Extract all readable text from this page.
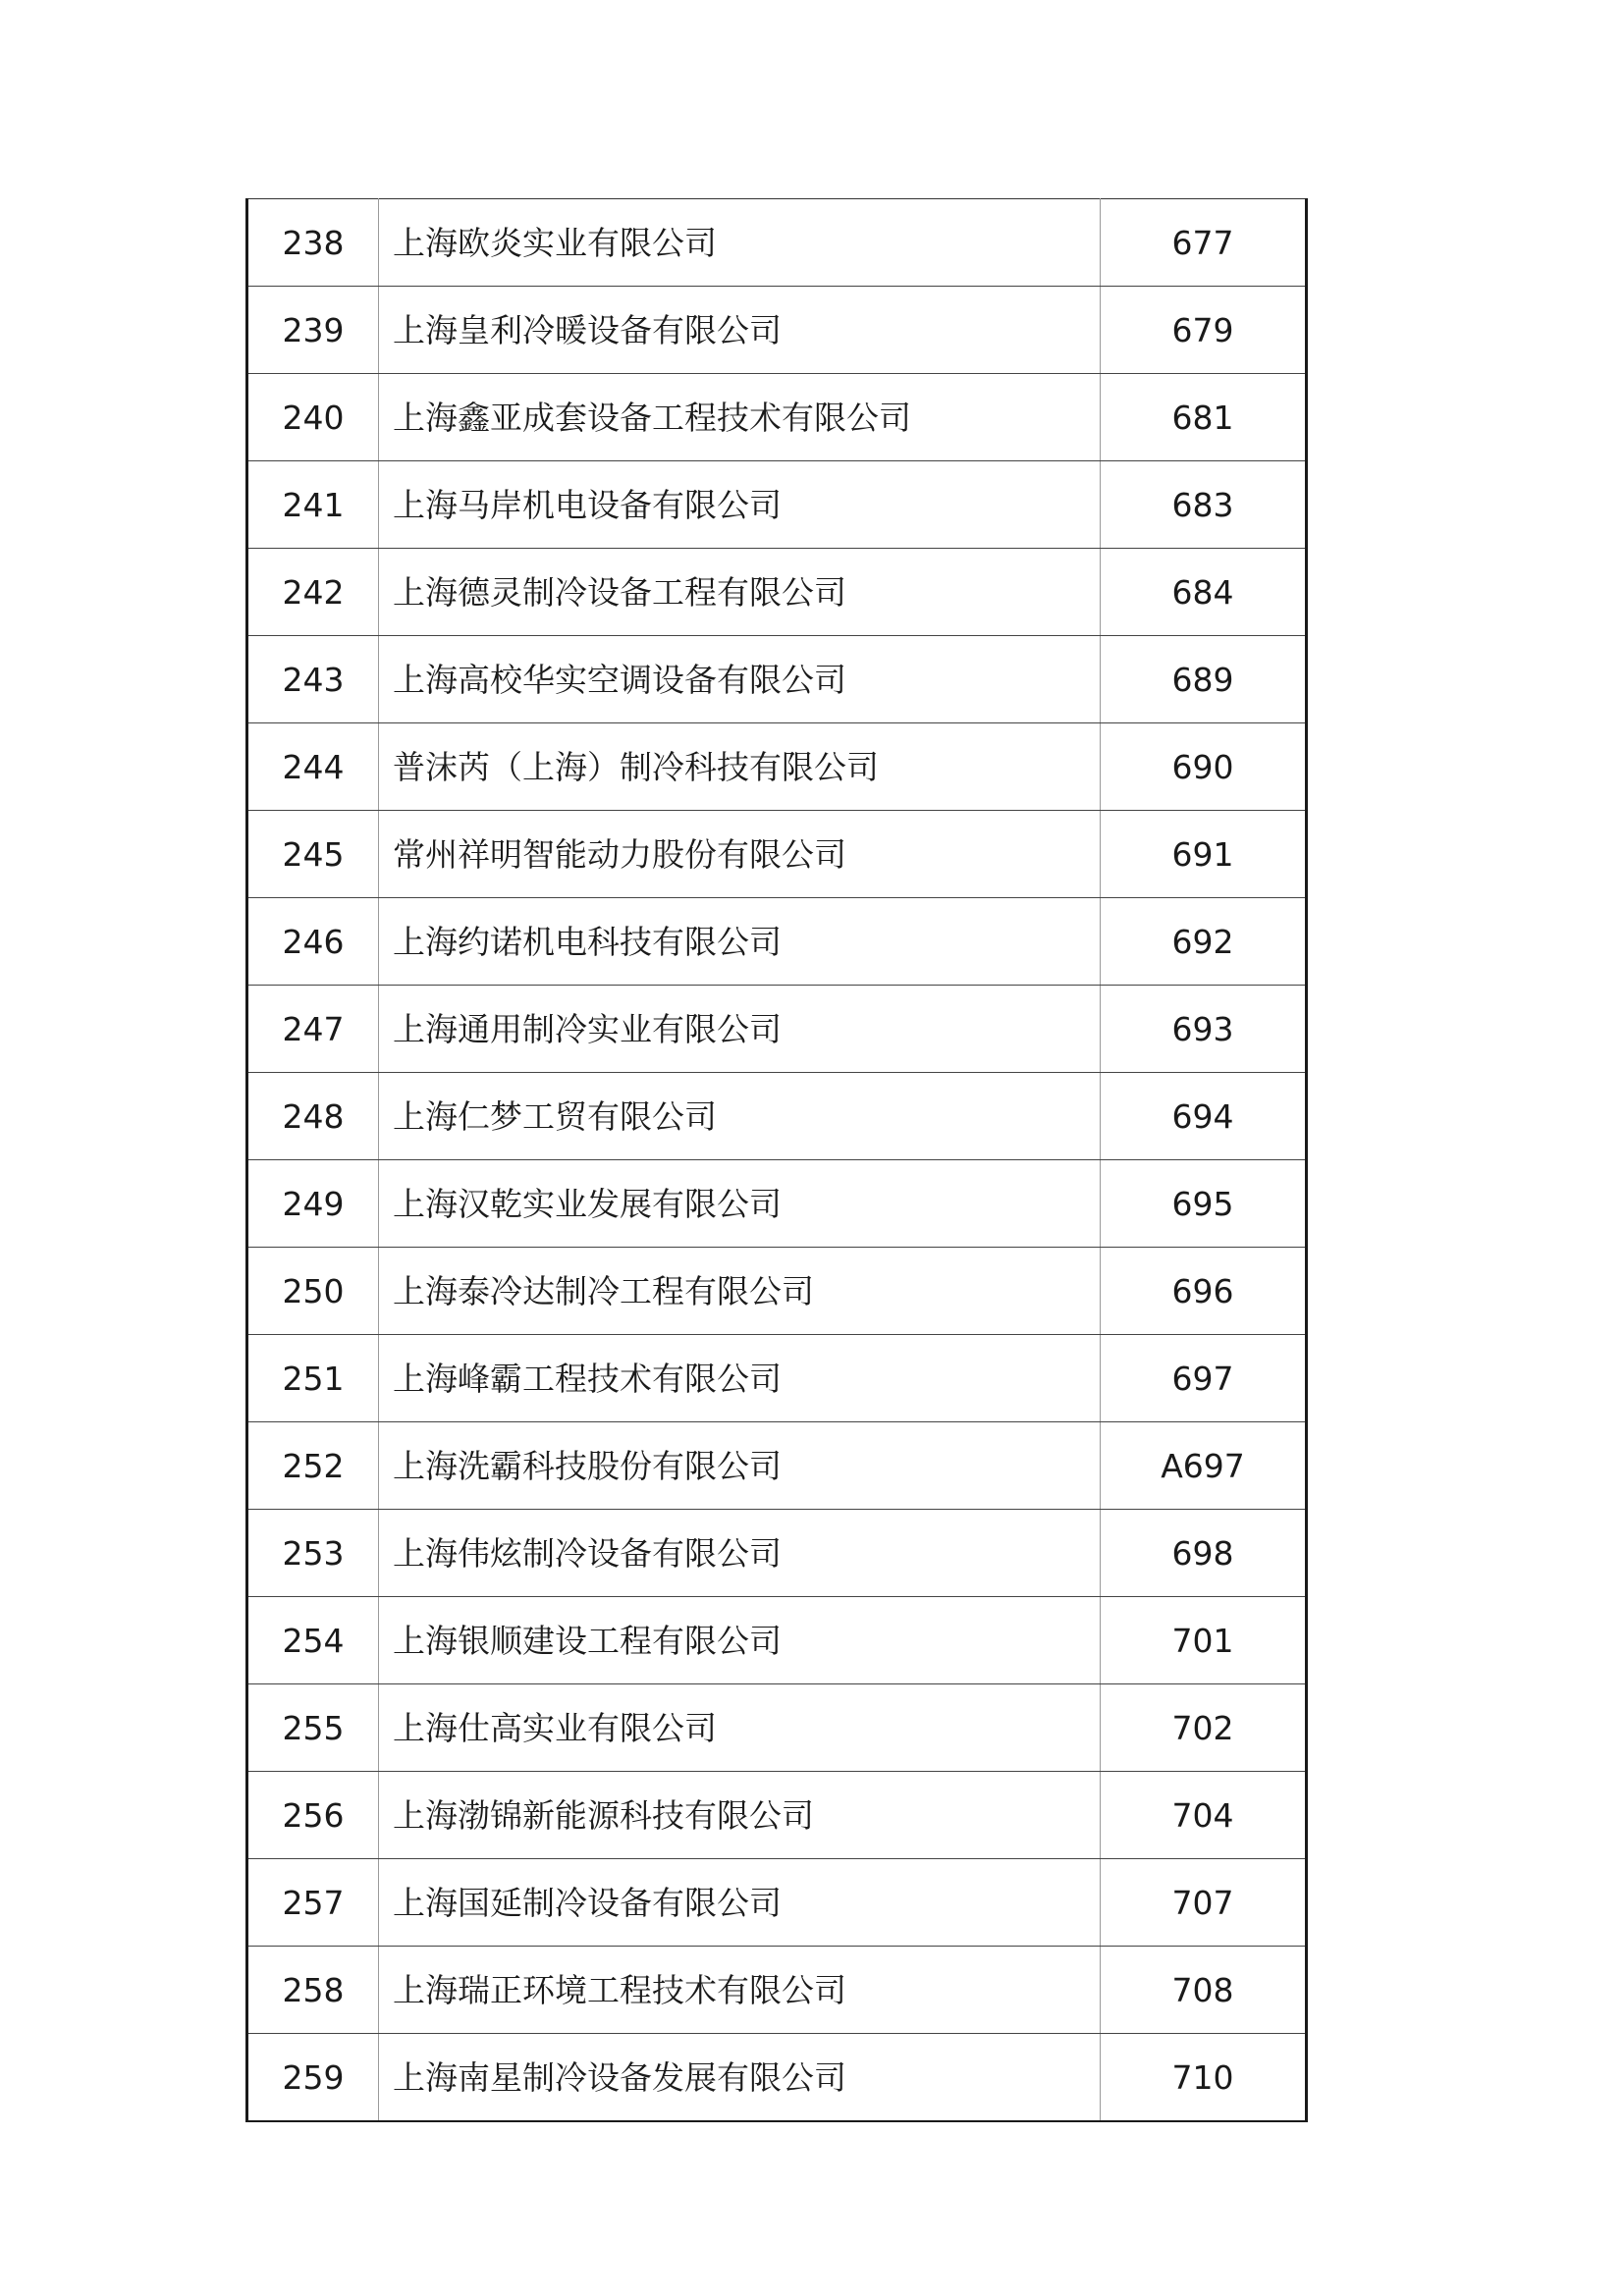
238	上海欧炎实业有限公司	677
239	上海皇利冷暖设备有限公司	679
240	上海鑫亚成套设备工程技术有限公司	681
241	上海马岸机电设备有限公司	683
242	上海德灵制冷设备工程有限公司	684
243	上海高校华实空调设备有限公司	689
244	普沫芮（上海）制冷科技有限公司	690
245	常州祥明智能动力股份有限公司	691
246	上海约诺机电科技有限公司	692
247	上海通用制冷实业有限公司	693
248	上海仁梦工贸有限公司	694
249	上海汉乾实业发展有限公司	695
250	上海泰冷达制冷工程有限公司	696
251	上海峰霸工程技术有限公司	697
252	上海洗霸科技股份有限公司	A697
253	上海伟炫制冷设备有限公司	698
254	上海银顺建设工程有限公司	701
255	上海仕高实业有限公司	702
256	上海渤锦新能源科技有限公司	704
257	上海国延制冷设备有限公司	707
258	上海瑞正环境工程技术有限公司	708
259	上海南星制冷设备发展有限公司	710
